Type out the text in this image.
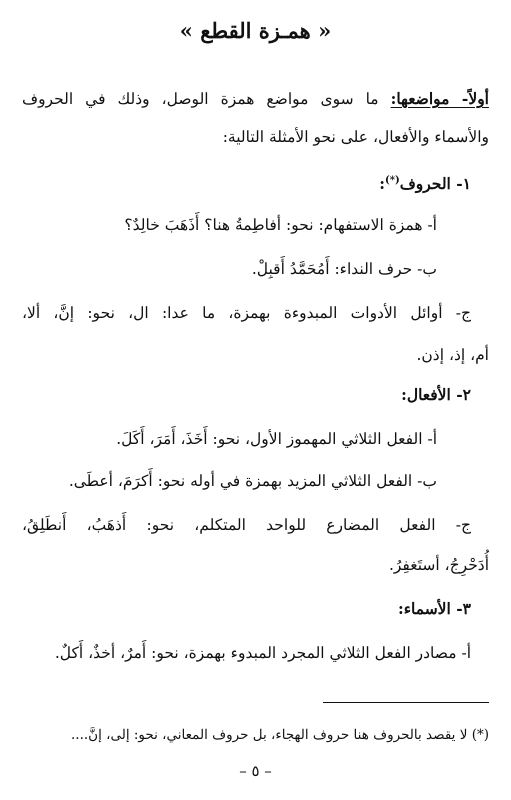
« همـزة القطع »
أولاً- مواضعها: ما سوى مواضع همزة الوصل، وذلك في الحروف
والأسماء والأفعال، على نحو الأمثلة التالية:
١- الحروف(*):
أ- همزة الاستفهام: نحو: أفاطِمةُ هنا؟ أَذَهَبَ خالِدٌ؟
ب- حرف النداء: أَمُحَمَّدُ أَقبِلْ.
ج- أوائل الأدوات المبدوءة بهمزة، ما عدا: ال، نحو: إنَّ، ألا،
أم، إذ، إذن.
٢- الأفعال:
أ- الفعل الثلاثي المهموز الأول، نحو: أَخَذَ، أَمَرَ، أَكَلَ.
ب- الفعل الثلاثي المزيد بهمزة في أوله نحو: أَكرَمَ، أعطَى.
ج- الفعل المضارع للواحد المتكلم، نحو: أَذهَبُ، أَنطَلِقُ،
أُدَحْرِجُ، أستَغفِرُ.
٣- الأسماء:
أ- مصادر الفعل الثلاثي المجرد المبدوء بهمزة، نحو: أَمرٌ، أخذٌ، أَكلٌ.
(*) لا يقصد بالحروف هنا حروف الهجاء، بل حروف المعاني، نحو: إلى، إنَّ....
– ٥ –
